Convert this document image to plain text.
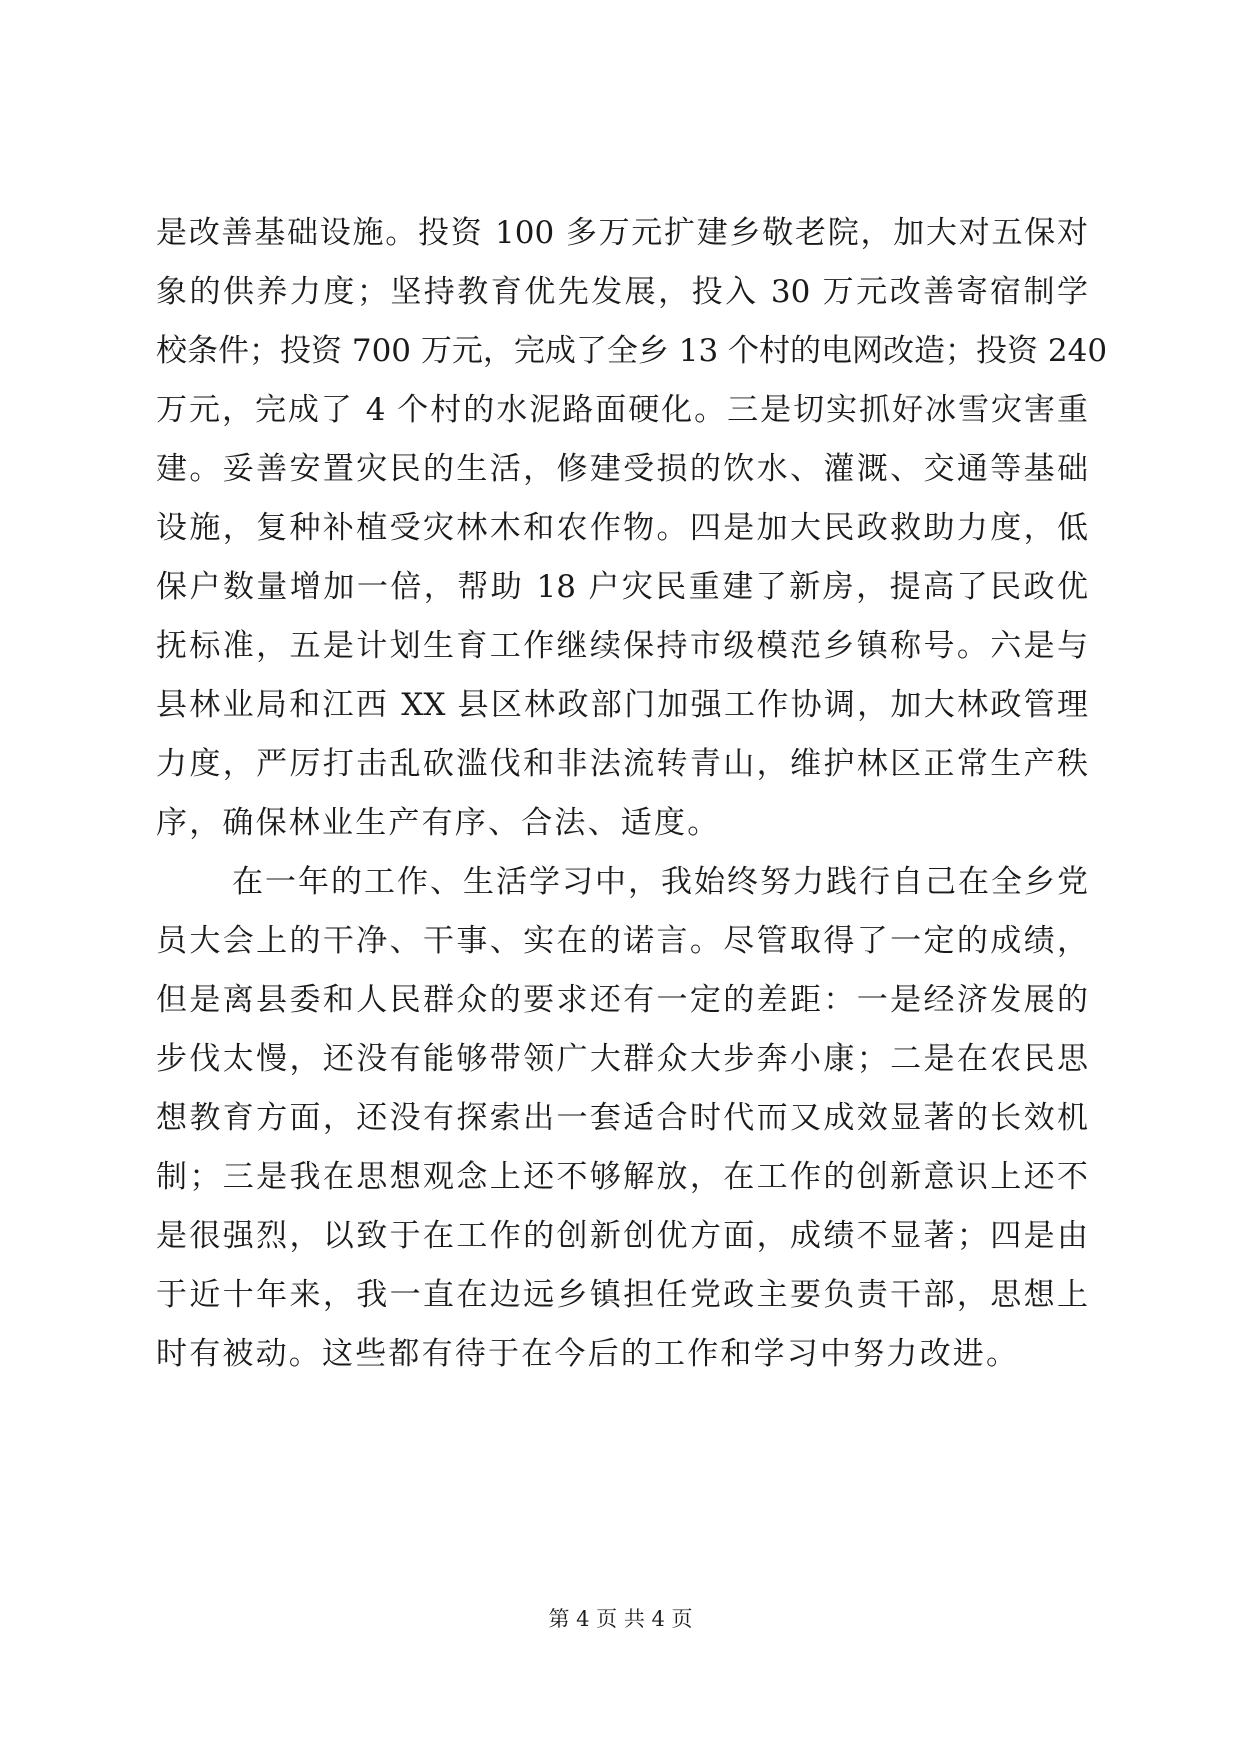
是改善基础设施。投资 100 多万元扩建乡敬老院，加大对五保对
象的供养力度；坚持教育优先发展，投入 30 万元改善寄宿制学
校条件；投资 700 万元，完成了全乡 13 个村的电网改造；投资 240
万元，完成了 4 个村的水泥路面硬化。三是切实抓好冰雪灾害重
建。妥善安置灾民的生活，修建受损的饮水、灌溉、交通等基础
设施，复种补植受灾林木和农作物。四是加大民政救助力度，低
保户数量增加一倍，帮助 18 户灾民重建了新房，提高了民政优
抚标准，五是计划生育工作继续保持市级模范乡镇称号。六是与
县林业局和江西 XX 县区林政部门加强工作协调，加大林政管理
力度，严厉打击乱砍滥伐和非法流转青山，维护林区正常生产秩
序，确保林业生产有序、合法、适度。
在一年的工作、生活学习中，我始终努力践行自己在全乡党
员大会上的干净、干事、实在的诺言。尽管取得了一定的成绩，
但是离县委和人民群众的要求还有一定的差距：一是经济发展的
步伐太慢，还没有能够带领广大群众大步奔小康；二是在农民思
想教育方面，还没有探索出一套适合时代而又成效显著的长效机
制；三是我在思想观念上还不够解放，在工作的创新意识上还不
是很强烈，以致于在工作的创新创优方面，成绩不显著；四是由
于近十年来，我一直在边远乡镇担任党政主要负责干部，思想上
时有被动。这些都有待于在今后的工作和学习中努力改进。
第 4 页 共 4 页
